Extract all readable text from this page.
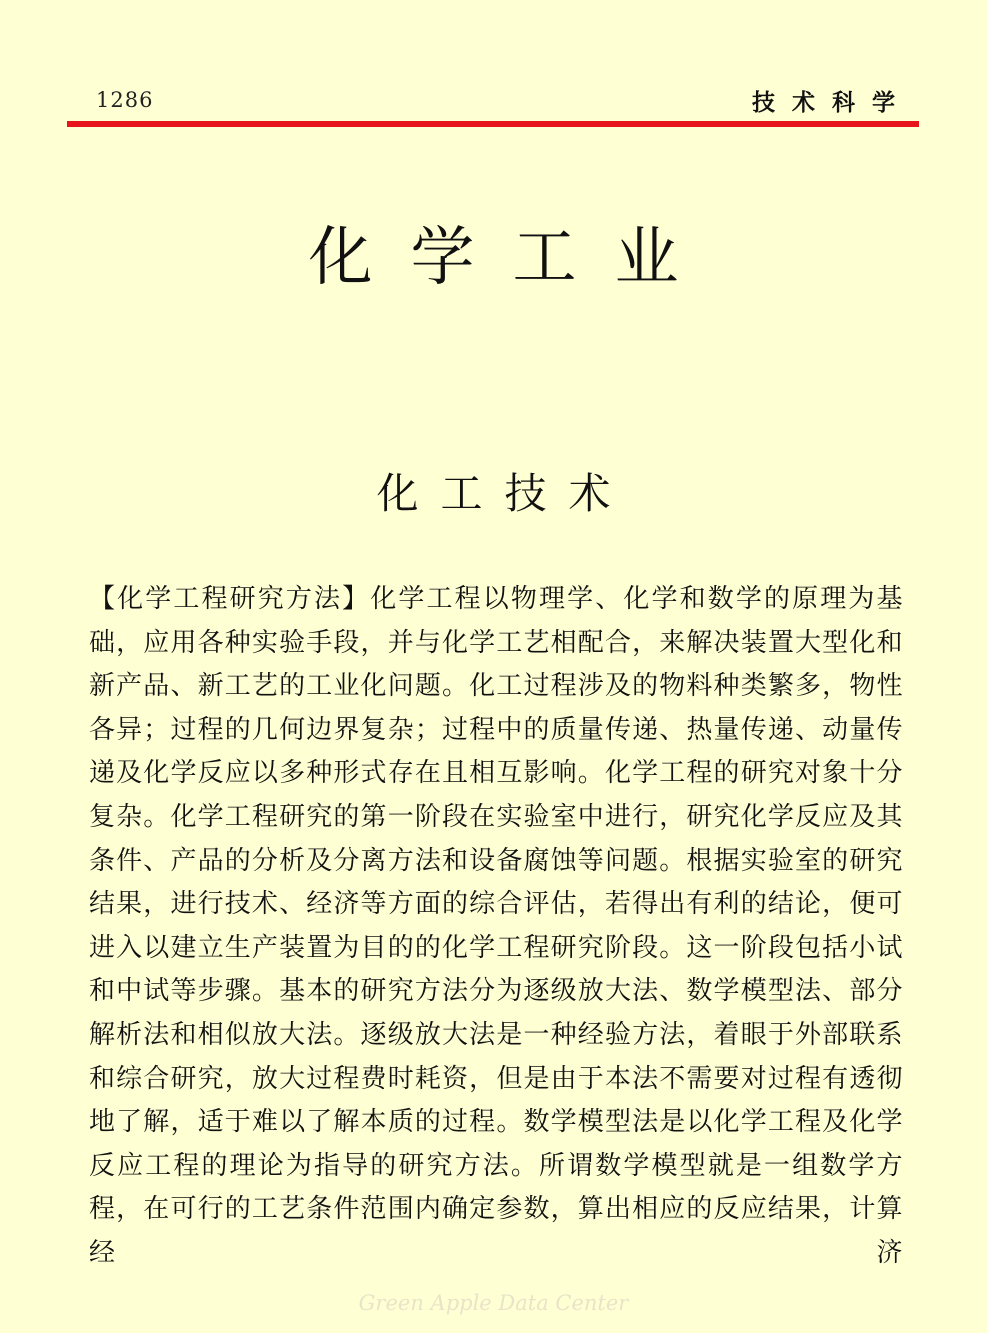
1286	技术科学
化学工业
化工技术
【化学工程研究方法】化学工程以物理学、化学和数学的原理为基础，应用各种实验手段，并与化学工艺相配合，来解决装置大型化和新产品、新工艺的工业化问题。化工过程涉及的物料种类繁多，物性各异；过程的几何边界复杂；过程中的质量传递、热量传递、动量传递及化学反应以多种形式存在且相互影响。化学工程的研究对象十分复杂。化学工程研究的第一阶段在实验室中进行，研究化学反应及其条件、产品的分析及分离方法和设备腐蚀等问题。根据实验室的研究结果，进行技术、经济等方面的综合评估，若得出有利的结论，便可进入以建立生产装置为目的的化学工程研究阶段。这一阶段包括小试和中试等步骤。基本的研究方法分为逐级放大法、数学模型法、部分解析法和相似放大法。逐级放大法是一种经验方法，着眼于外部联系和综合研究，放大过程费时耗资，但是由于本法不需要对过程有透彻地了解，适于难以了解本质的过程。数学模型法是以化学工程及化学反应工程的理论为指导的研究方法。所谓数学模型就是一组数学方程，在可行的工艺条件范围内确定参数，算出相应的反应结果，计算经济
Green Apple Data Center
